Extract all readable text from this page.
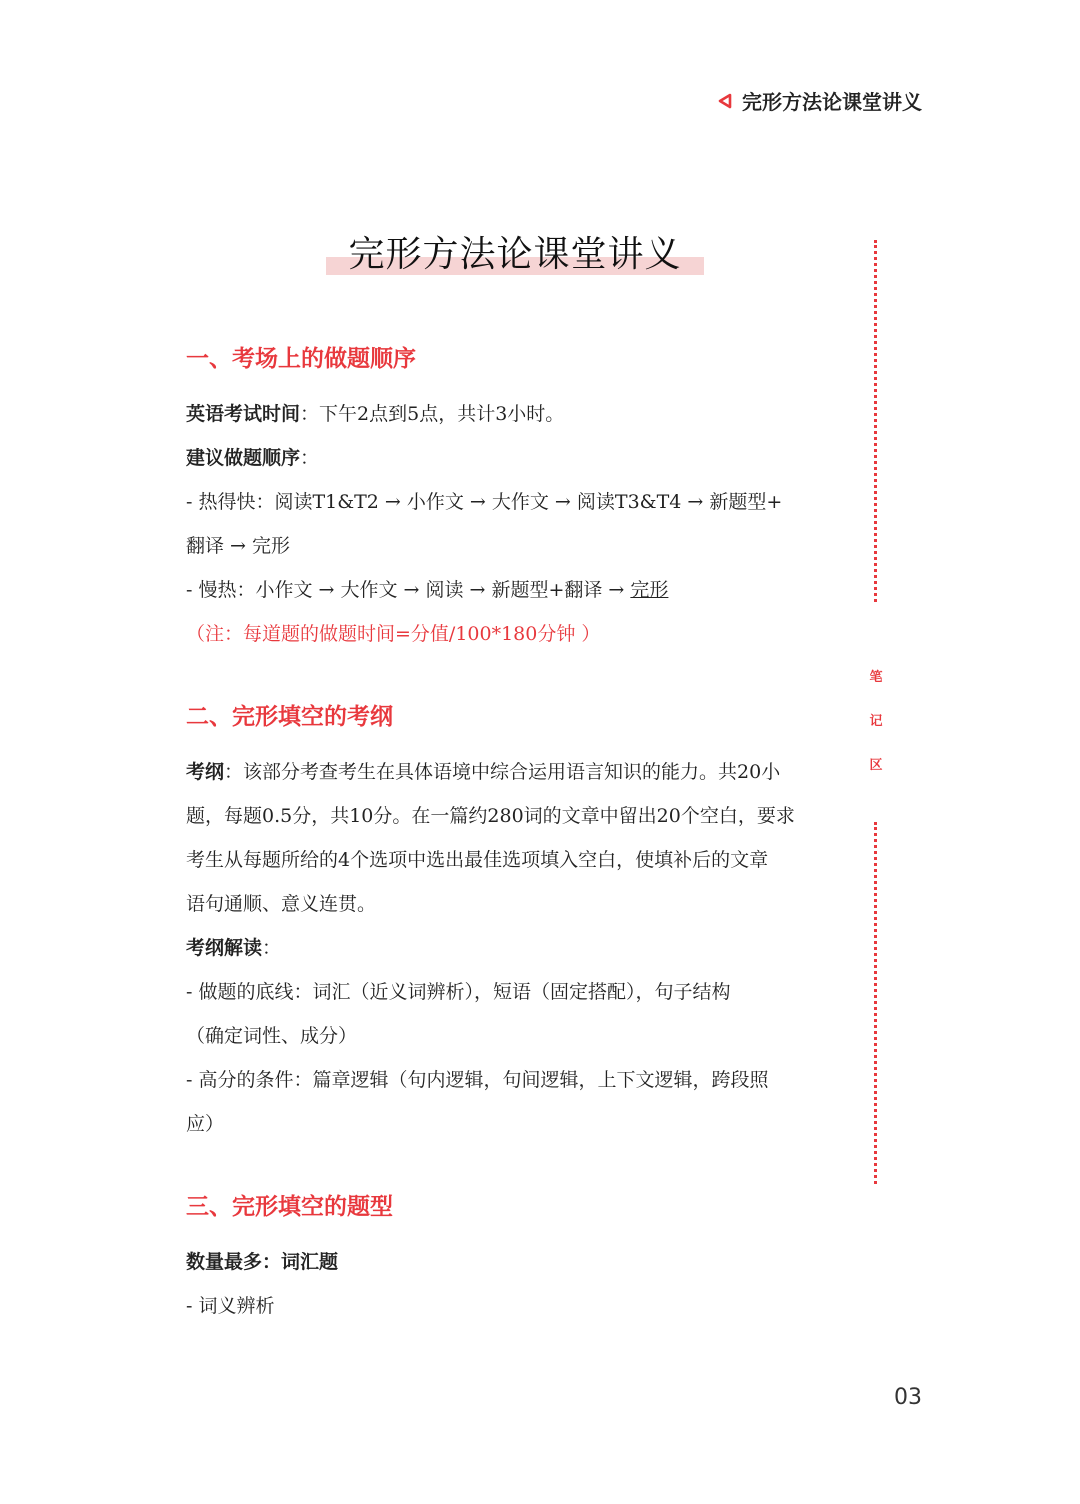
完形方法论课堂讲义
完形方法论课堂讲义
笔
记
区
一、考场上的做题顺序
英语考试时间：下午2点到5点，共计3小时。
建议做题顺序：
- 热得快：阅读T1&T2 → 小作文 → 大作文 → 阅读T3&T4 → 新题型+
翻译 → 完形
- 慢热：小作文 → 大作文 → 阅读 → 新题型+翻译 → 完形
（注：每道题的做题时间=分值/100*180分钟 ）
二、完形填空的考纲
考纲：该部分考查考生在具体语境中综合运用语言知识的能力。共20小
题，每题0.5分，共10分。在一篇约280词的文章中留出20个空白，要求
考生从每题所给的4个选项中选出最佳选项填入空白，使填补后的文章
语句通顺、意义连贯。
考纲解读：
- 做题的底线：词汇（近义词辨析），短语（固定搭配），句子结构
（确定词性、成分）
- 高分的条件：篇章逻辑（句内逻辑，句间逻辑，上下文逻辑，跨段照
应）
三、完形填空的题型
数量最多：词汇题
- 词义辨析
03
